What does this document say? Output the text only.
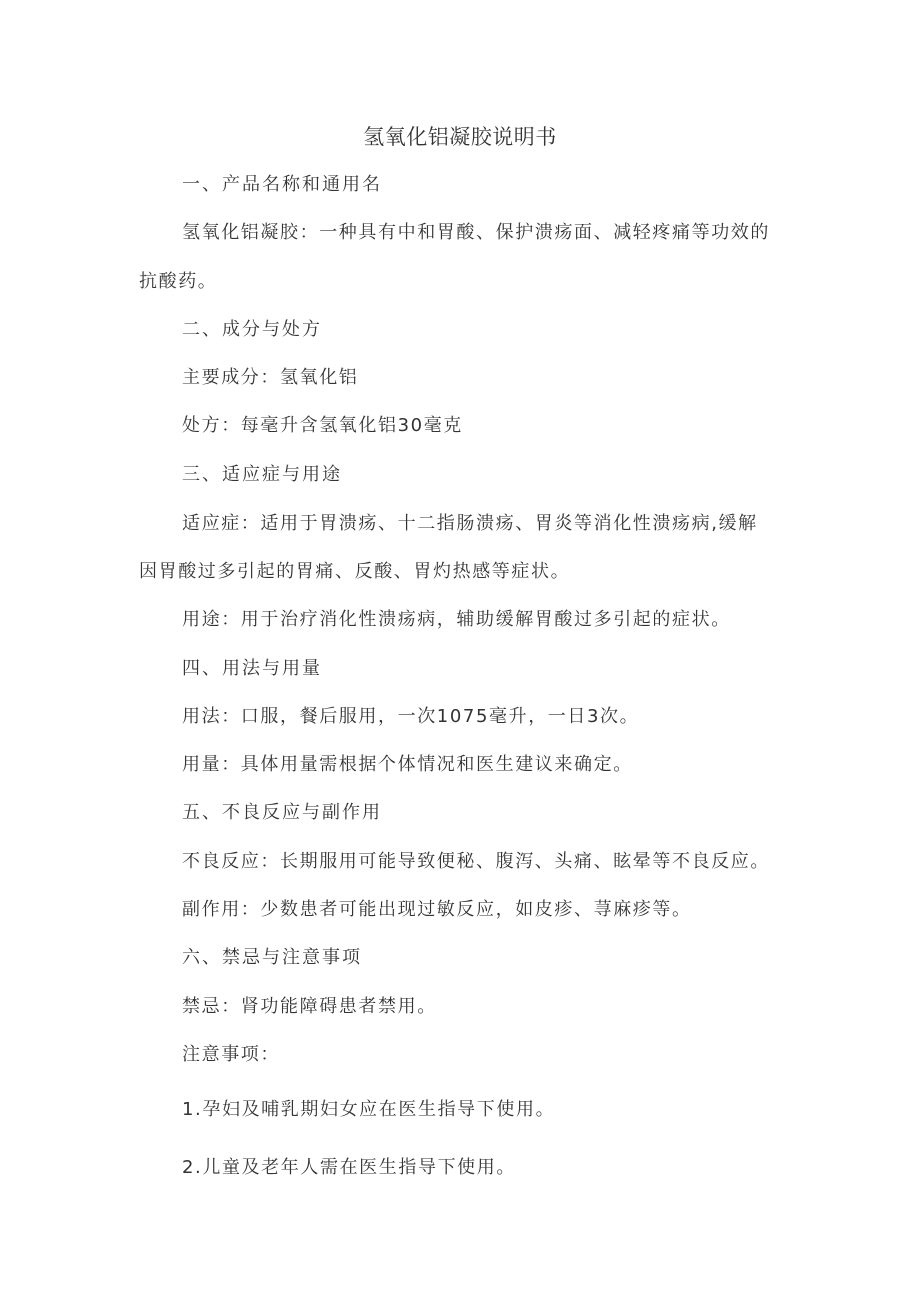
氢氧化铝凝胶说明书
一、产品名称和通用名
氢氧化铝凝胶：一种具有中和胃酸、保护溃疡面、减轻疼痛等功效的
抗酸药。
二、成分与处方
主要成分：氢氧化铝
处方：每毫升含氢氧化铝30毫克
三、适应症与用途
适应症：适用于胃溃疡、十二指肠溃疡、胃炎等消化性溃疡病,缓解
因胃酸过多引起的胃痛、反酸、胃灼热感等症状。
用途：用于治疗消化性溃疡病，辅助缓解胃酸过多引起的症状。
四、用法与用量
用法：口服，餐后服用，一次1075毫升，一日3次。
用量：具体用量需根据个体情况和医生建议来确定。
五、不良反应与副作用
不良反应：长期服用可能导致便秘、腹泻、头痛、眩晕等不良反应。
副作用：少数患者可能出现过敏反应，如皮疹、荨麻疹等。
六、禁忌与注意事项
禁忌：肾功能障碍患者禁用。
注意事项：
1.孕妇及哺乳期妇女应在医生指导下使用。
2.儿童及老年人需在医生指导下使用。
